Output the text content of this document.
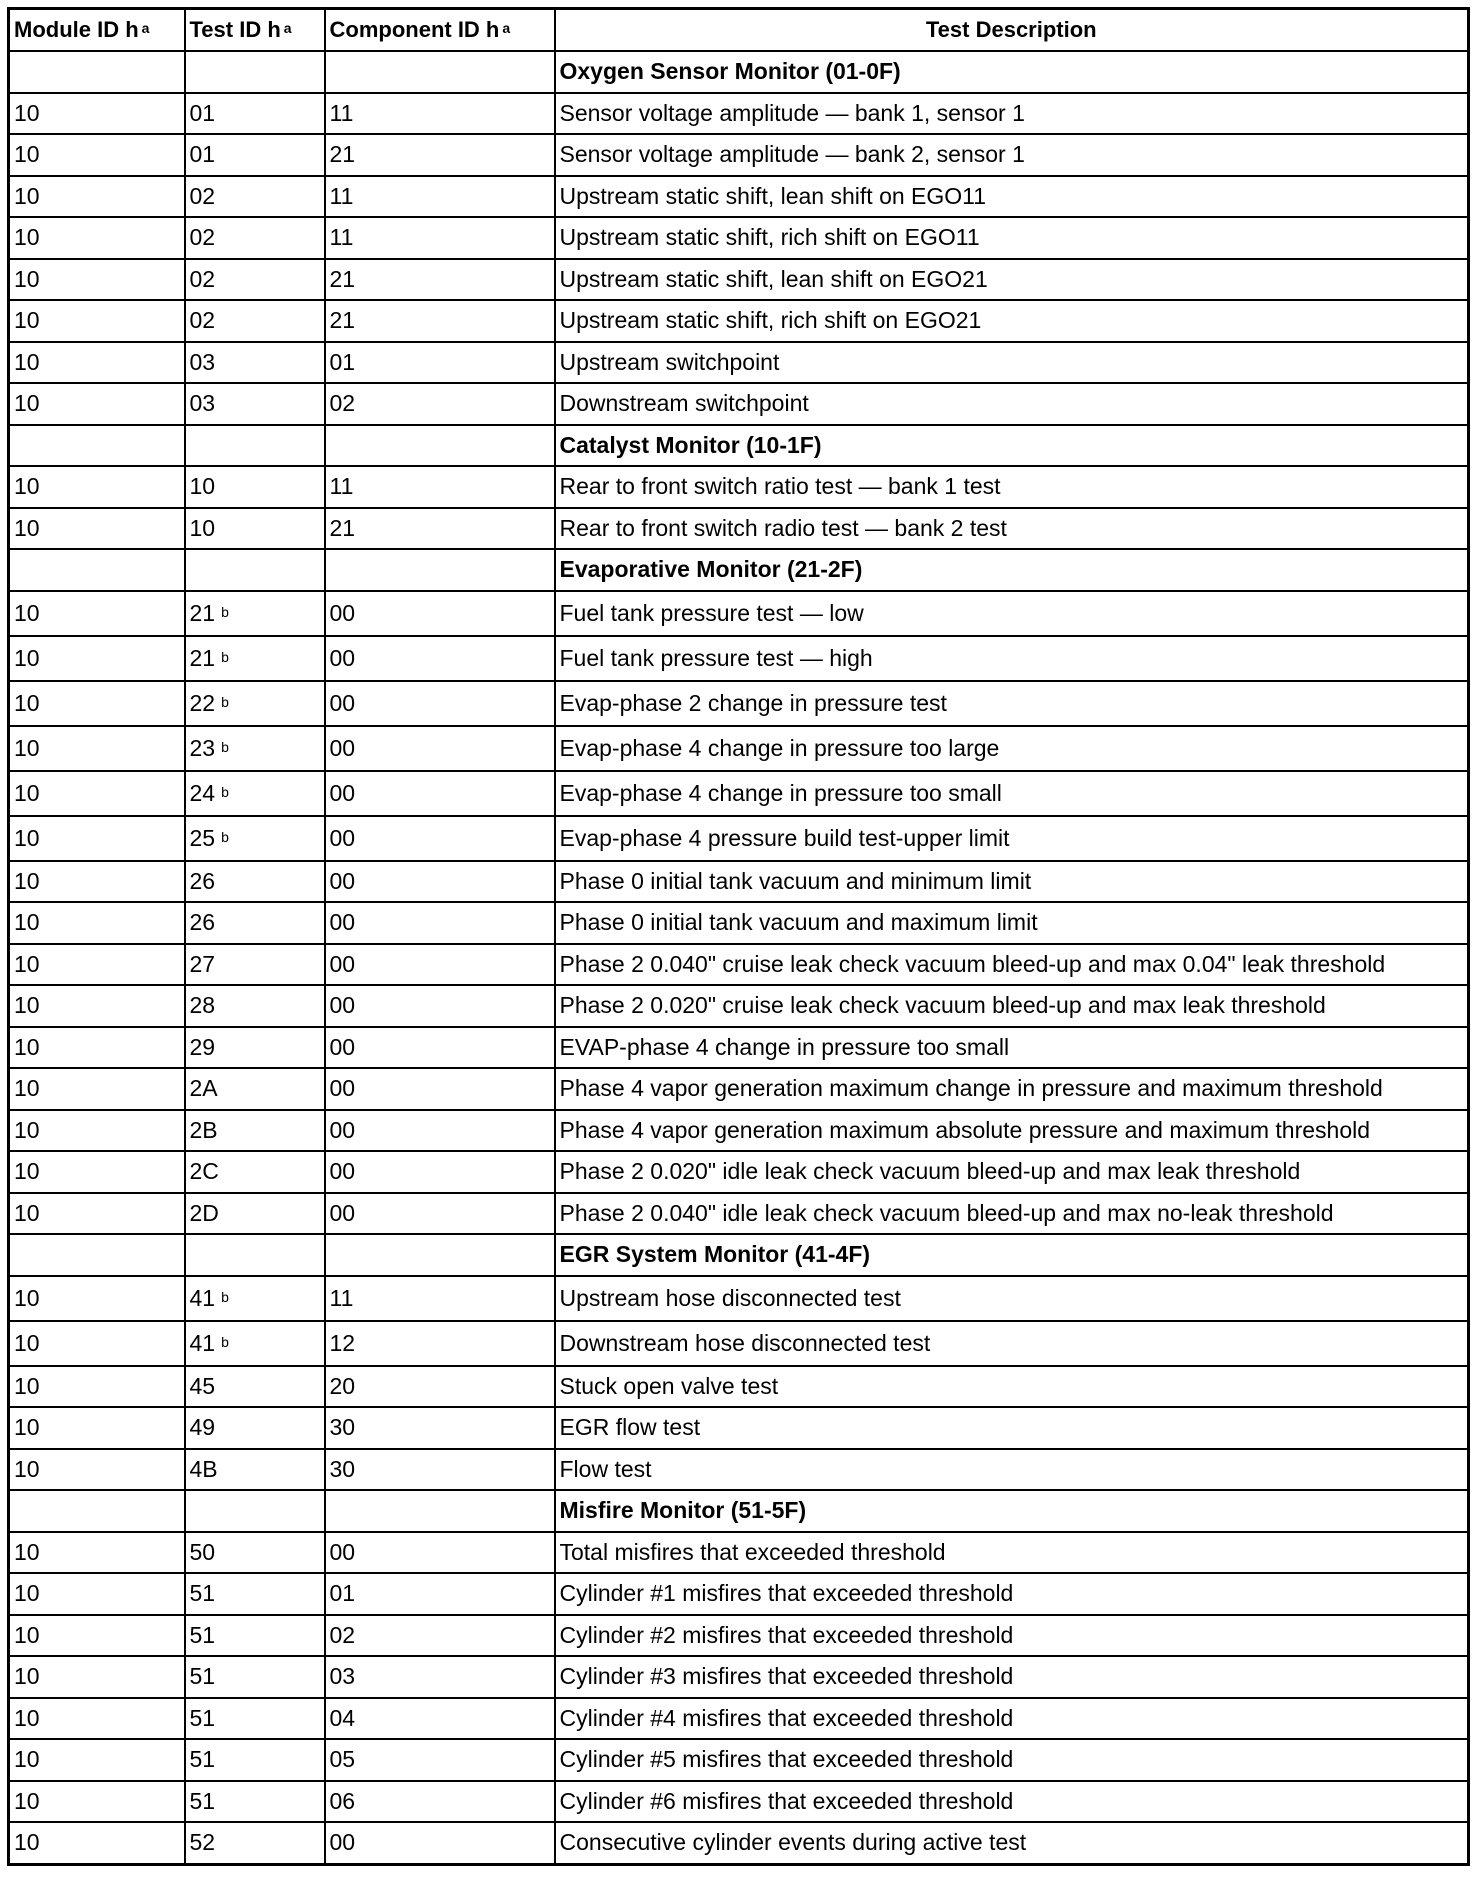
Module ID h $^a$	Test ID h $^a$	Component ID h $^a$	Test Description
			Oxygen Sensor Monitor (01-0F)
10	01	11	Sensor voltage amplitude — bank 1, sensor 1
10	01	21	Sensor voltage amplitude — bank 2, sensor 1
10	02	11	Upstream static shift, lean shift on EGO11
10	02	11	Upstream static shift, rich shift on EGO11
10	02	21	Upstream static shift, lean shift on EGO21
10	02	21	Upstream static shift, rich shift on EGO21
10	03	01	Upstream switchpoint
10	03	02	Downstream switchpoint
			Catalyst Monitor (10-1F)
10	10	11	Rear to front switch ratio test — bank 1 test
10	10	21	Rear to front switch radio test — bank 2 test
			Evaporative Monitor (21-2F)
10	21 $^b$	00	Fuel tank pressure test — low
10	21 $^b$	00	Fuel tank pressure test — high
10	22 $^b$	00	Evap-phase 2 change in pressure test
10	23 $^b$	00	Evap-phase 4 change in pressure too large
10	24 $^b$	00	Evap-phase 4 change in pressure too small
10	25 $^b$	00	Evap-phase 4 pressure build test-upper limit
10	26	00	Phase 0 initial tank vacuum and minimum limit
10	26	00	Phase 0 initial tank vacuum and maximum limit
10	27	00	Phase 2 0.040" cruise leak check vacuum bleed-up and max 0.04" leak threshold
10	28	00	Phase 2 0.020" cruise leak check vacuum bleed-up and max leak threshold
10	29	00	EVAP-phase 4 change in pressure too small
10	2A	00	Phase 4 vapor generation maximum change in pressure and maximum threshold
10	2B	00	Phase 4 vapor generation maximum absolute pressure and maximum threshold
10	2C	00	Phase 2 0.020" idle leak check vacuum bleed-up and max leak threshold
10	2D	00	Phase 2 0.040" idle leak check vacuum bleed-up and max no-leak threshold
			EGR System Monitor (41-4F)
10	41 $^b$	11	Upstream hose disconnected test
10	41 $^b$	12	Downstream hose disconnected test
10	45	20	Stuck open valve test
10	49	30	EGR flow test
10	4B	30	Flow test
			Misfire Monitor (51-5F)
10	50	00	Total misfires that exceeded threshold
10	51	01	Cylinder #1 misfires that exceeded threshold
10	51	02	Cylinder #2 misfires that exceeded threshold
10	51	03	Cylinder #3 misfires that exceeded threshold
10	51	04	Cylinder #4 misfires that exceeded threshold
10	51	05	Cylinder #5 misfires that exceeded threshold
10	51	06	Cylinder #6 misfires that exceeded threshold
10	52	00	Consecutive cylinder events during active test
